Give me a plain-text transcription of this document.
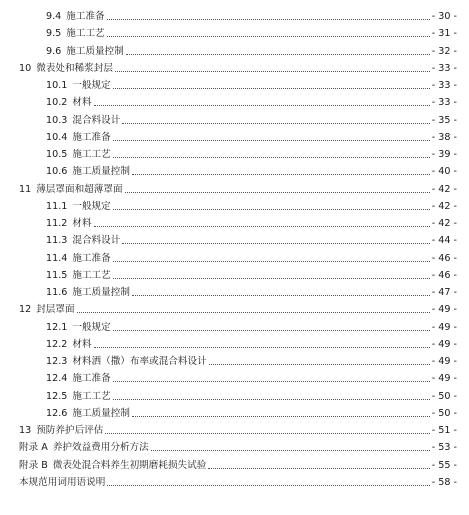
9.4 施工准备	- 30 -
9.5 施工工艺	- 31 -
9.6 施工质量控制	- 32 -
10 微表处和稀浆封层	- 33 -
10.1 一般规定	- 33 -
10.2 材料	- 33 -
10.3 混合料设计	- 35 -
10.4 施工准备	- 38 -
10.5 施工工艺	- 39 -
10.6 施工质量控制	- 40 -
11 薄层罩面和超薄罩面	- 42 -
11.1 一般规定	- 42 -
11.2 材料	- 42 -
11.3 混合料设计	- 44 -
11.4 施工准备	- 46 -
11.5 施工工艺	- 46 -
11.6 施工质量控制	- 47 -
12 封层罩面	- 49 -
12.1 一般规定	- 49 -
12.2 材料	- 49 -
12.3 材料洒（撒）布率或混合料设计	- 49 -
12.4 施工准备	- 49 -
12.5 施工工艺	- 50 -
12.6 施工质量控制	- 50 -
13 预防养护后评估	- 51 -
附录 A 养护效益费用分析方法	- 53 -
附录 B 微表处混合料养生初期磨耗损失试验	- 55 -
本规范用词用语说明	- 58 -
